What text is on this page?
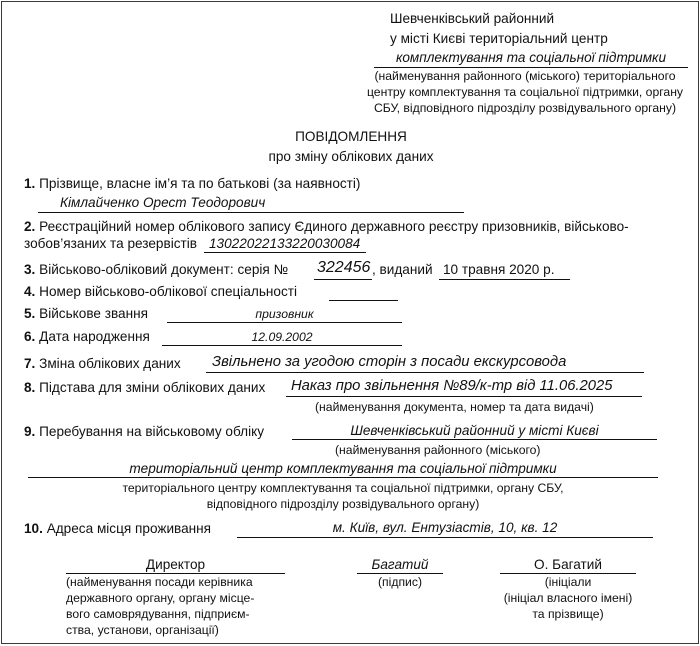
Шевченківський районний
у місті Києві територіальний центр
комплектування та соціальної підтримки
(найменування районного (міського) територіального
центру комплектування та соціальної підтримки, органу
СБУ, відповідного підрозділу розвідувального органу)
ПОВІДОМЛЕННЯ
про зміну облікових даних
1. Прізвище, власне ім’я та по батькові (за наявності)
Кімлайченко Орест Теодорович
2. Реєстраційний номер облікового запису Єдиного державного реєстру призовників, військово-
зобов’язаних та резервістів 13022022133220030084
3. Військово-обліковий документ: серія № 322456 , виданий 10 травня 2020 р.
4. Номер військово-облікової спеціальності
5. Військове звання	призовник
6. Дата народження	12.09.2002
7. Зміна облікових даних Звільнено за угодою сторін з посади екскурсовода
8. Підстава для зміни облікових даних Наказ про звільнення №89/к-тр від 11.06.2025
(найменування документа, номер та дата видачі)
9. Перебування на військовому обліку	Шевченківський районний у місті Києві
(найменування районного (міського)
територіальний центр комплектування та соціальної підтримки
територіального центру комплектування та соціальної підтримки, органу СБУ,
відповідного підрозділу розвідувального органу)
10. Адреса місця проживання	м. Київ, вул. Ентузіастів, 10, кв. 12
Директор
(найменування посади керівника
державного органу, органу місце-
вого самоврядування, підприєм-
ства, установи, організації)
Багатий
(підпис)
О. Багатий
(ініціали
(ініціал власного імені)
та прізвище)
